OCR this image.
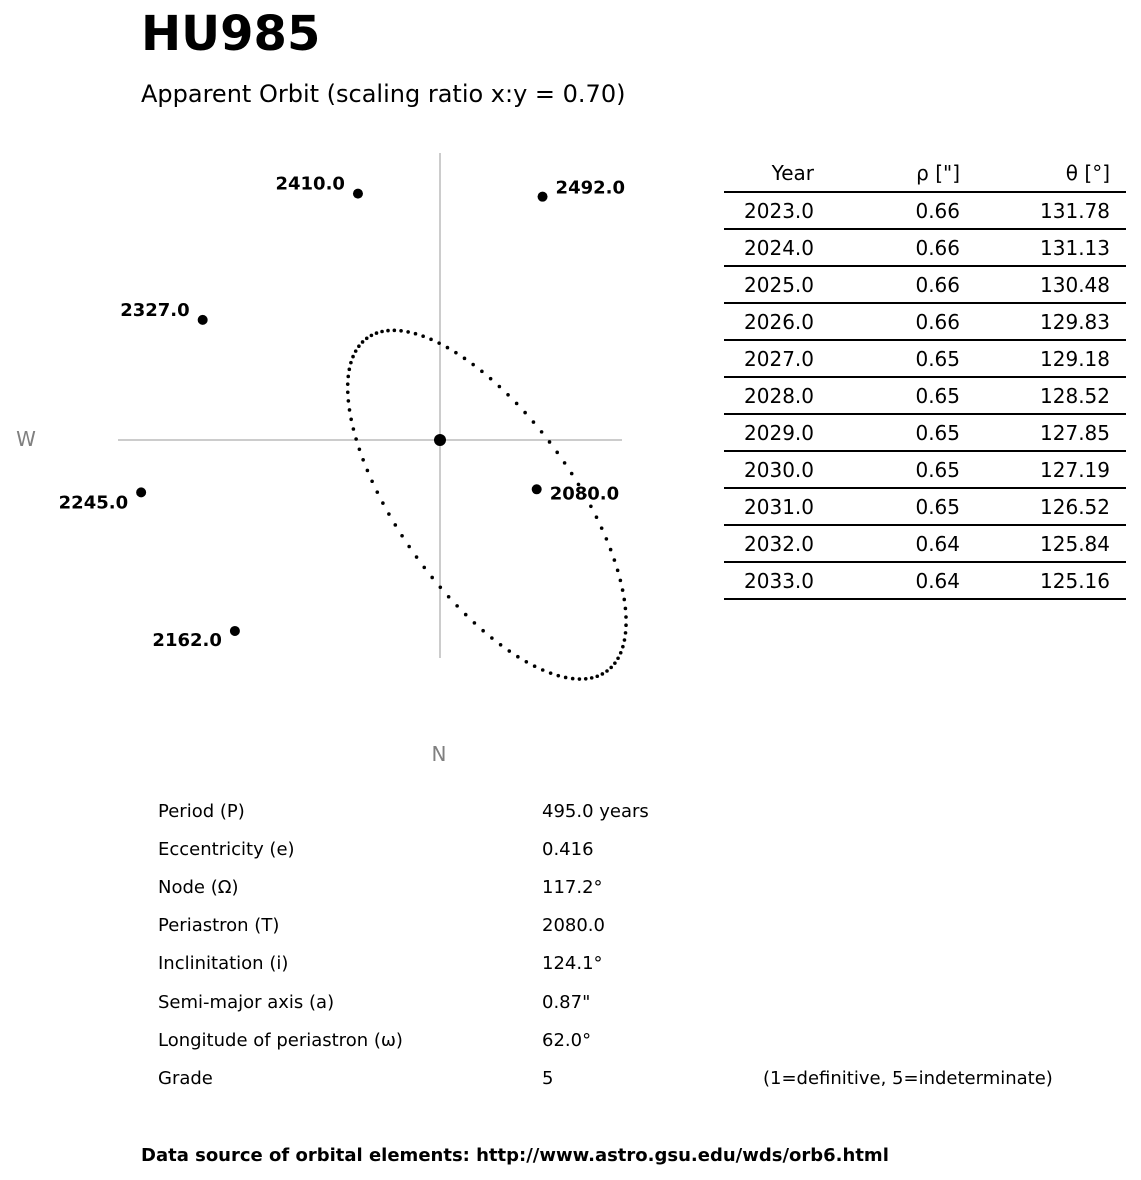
HU985
Apparent Orbit (scaling ratio x:y = 0.70)
2080.0
2162.0
2245.0
2327.0
2410.0	2492.0
W
N
Year	ρ ["]	θ [°]	
2023.0	0.66	131.78	
2024.0	0.66	131.13	
2025.0	0.66	130.48	
2026.0	0.66	129.83	
2027.0	0.65	129.18	
2028.0	0.65	128.52	
2029.0	0.65	127.85	
2030.0	0.65	127.19	
2031.0	0.65	126.52	
2032.0	0.64	125.84	
2033.0	0.64	125.16	
Period (P)	495.0 years
Eccentricity (e)	0.416
Node (Ω)	117.2°
Periastron (T)	2080.0
Inclinitation (i)	124.1°
Semi-major axis (a)	0.87"
Longitude of periastron (ω)	62.0°
Grade	5	(1=definitive, 5=indeterminate)
Data source of orbital elements: http://www.astro.gsu.edu/wds/orb6.html
